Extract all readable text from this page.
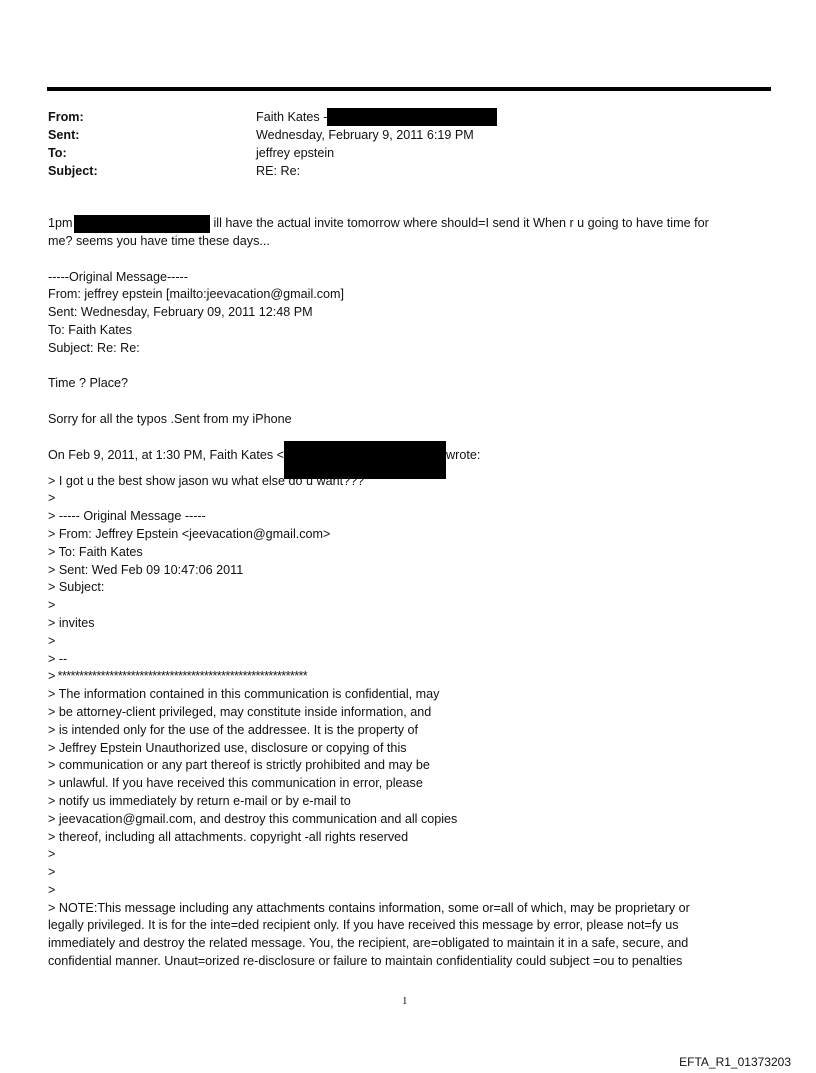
From:	Faith Kates -
Sent:	Wednesday, February 9, 2011 6:19 PM
To:	jeffrey epstein
Subject:	RE: Re:

1pm	ill have the actual invite tomorrow where should=I send it When r u going to have time for

me? seems you have time these days...

-----Original Message-----

From: jeffrey epstein [mailto:jeevacation@gmail.com]

Sent: Wednesday, February 09, 2011 12:48 PM

To: Faith Kates

Subject: Re: Re:

Time ? Place?

Sorry for all the typos .Sent from my iPhone

On Feb 9, 2011, at 1:30 PM, Faith Kates <	wrote:

> I got u the best show jason wu what else do u want???

>

> ----- Original Message -----

> From: Jeffrey Epstein <jeevacation@gmail.com>

> To: Faith Kates

> Sent: Wed Feb 09 10:47:06 2011

> Subject:

>

> invites

>

> --

> **********************************************************

> The information contained in this communication is confidential, may

> be attorney-client privileged, may constitute inside information, and

> is intended only for the use of the addressee. It is the property of

> Jeffrey Epstein Unauthorized use, disclosure or copying of this

> communication or any part thereof is strictly prohibited and may be

> unlawful. If you have received this communication in error, please

> notify us immediately by return e-mail or by e-mail to

> jeevacation@gmail.com, and destroy this communication and all copies

> thereof, including all attachments. copyright -all rights reserved

>

>

>

> NOTE:This message including any attachments contains information, some or=all of which, may be proprietary or

legally privileged. It is for the inte=ded recipient only. If you have received this message by error, please not=fy us

immediately and destroy the related message. You, the recipient, are=obligated to maintain it in a safe, secure, and

confidential manner. Unaut=orized re-disclosure or failure to maintain confidentiality could subject =ou to penalties

1
EFTA_R1_01373203
